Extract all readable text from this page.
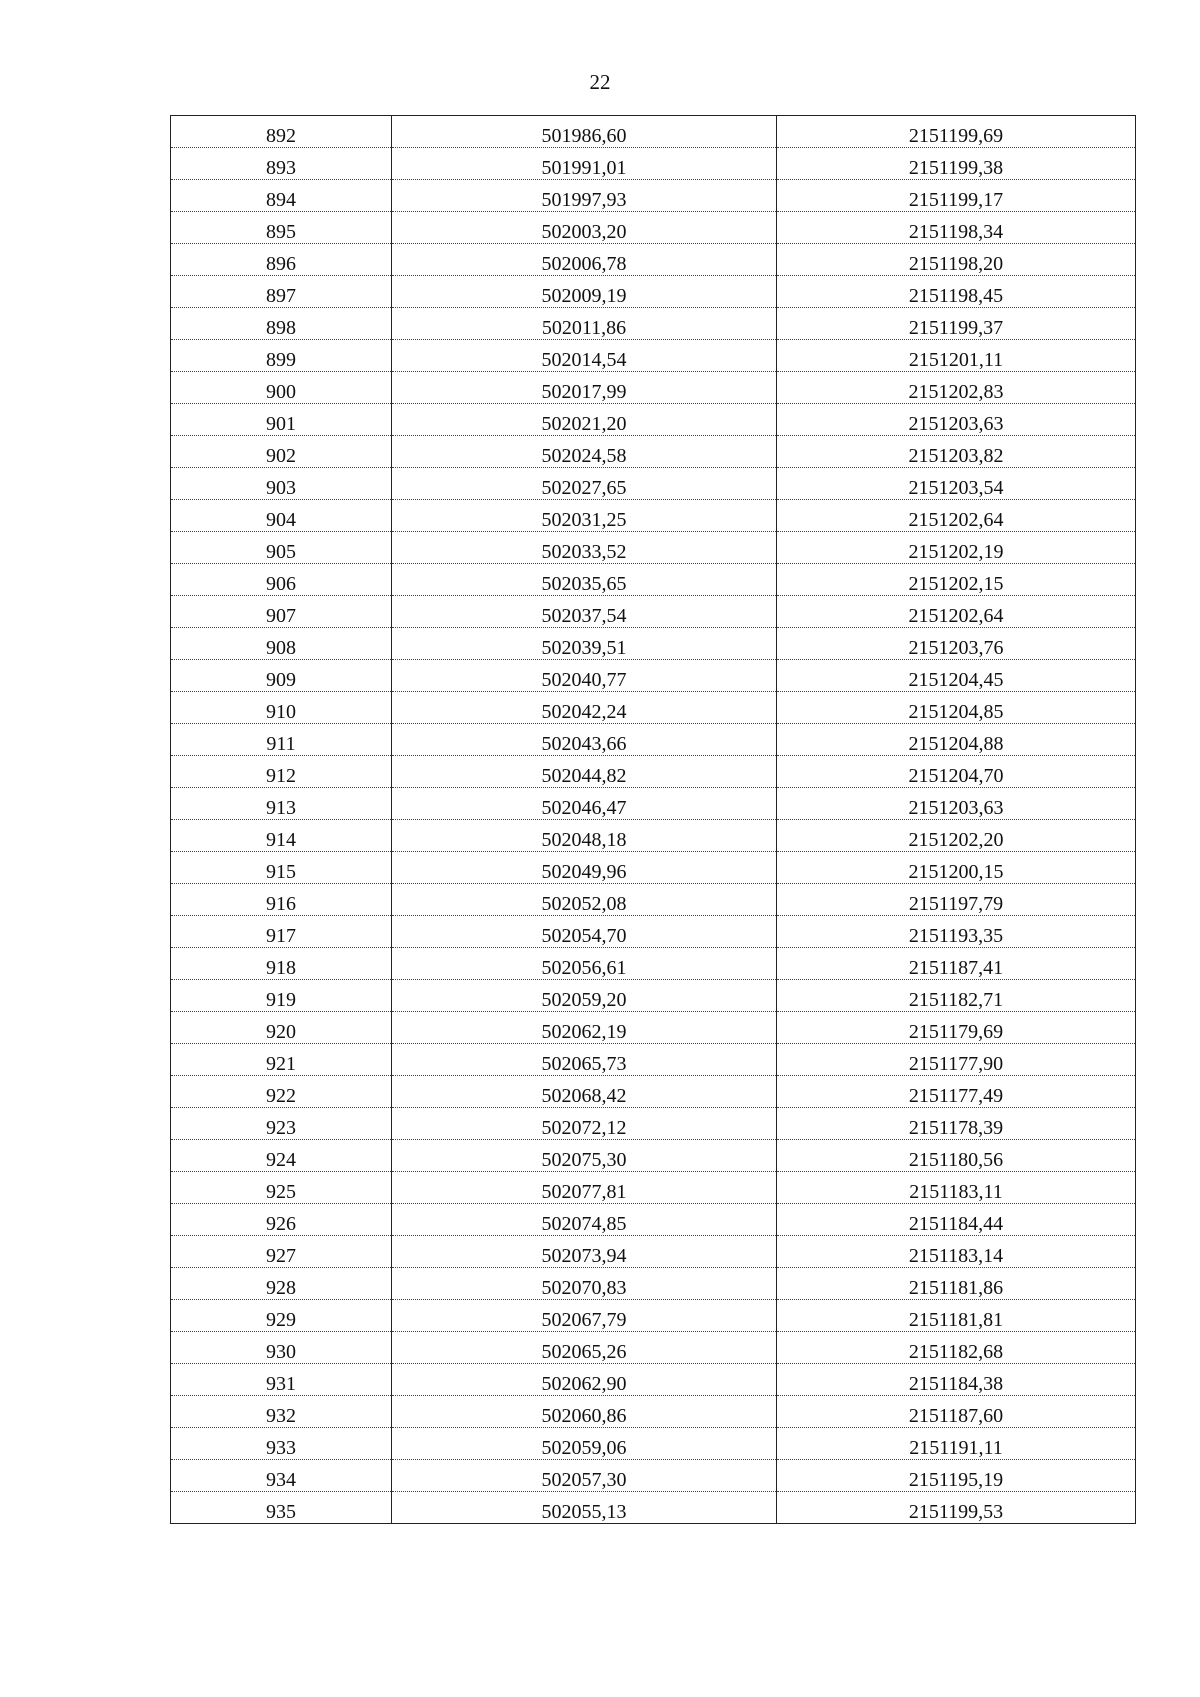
22
892	501986,60	2151199,69
893	501991,01	2151199,38
894	501997,93	2151199,17
895	502003,20	2151198,34
896	502006,78	2151198,20
897	502009,19	2151198,45
898	502011,86	2151199,37
899	502014,54	2151201,11
900	502017,99	2151202,83
901	502021,20	2151203,63
902	502024,58	2151203,82
903	502027,65	2151203,54
904	502031,25	2151202,64
905	502033,52	2151202,19
906	502035,65	2151202,15
907	502037,54	2151202,64
908	502039,51	2151203,76
909	502040,77	2151204,45
910	502042,24	2151204,85
911	502043,66	2151204,88
912	502044,82	2151204,70
913	502046,47	2151203,63
914	502048,18	2151202,20
915	502049,96	2151200,15
916	502052,08	2151197,79
917	502054,70	2151193,35
918	502056,61	2151187,41
919	502059,20	2151182,71
920	502062,19	2151179,69
921	502065,73	2151177,90
922	502068,42	2151177,49
923	502072,12	2151178,39
924	502075,30	2151180,56
925	502077,81	2151183,11
926	502074,85	2151184,44
927	502073,94	2151183,14
928	502070,83	2151181,86
929	502067,79	2151181,81
930	502065,26	2151182,68
931	502062,90	2151184,38
932	502060,86	2151187,60
933	502059,06	2151191,11
934	502057,30	2151195,19
935	502055,13	2151199,53
